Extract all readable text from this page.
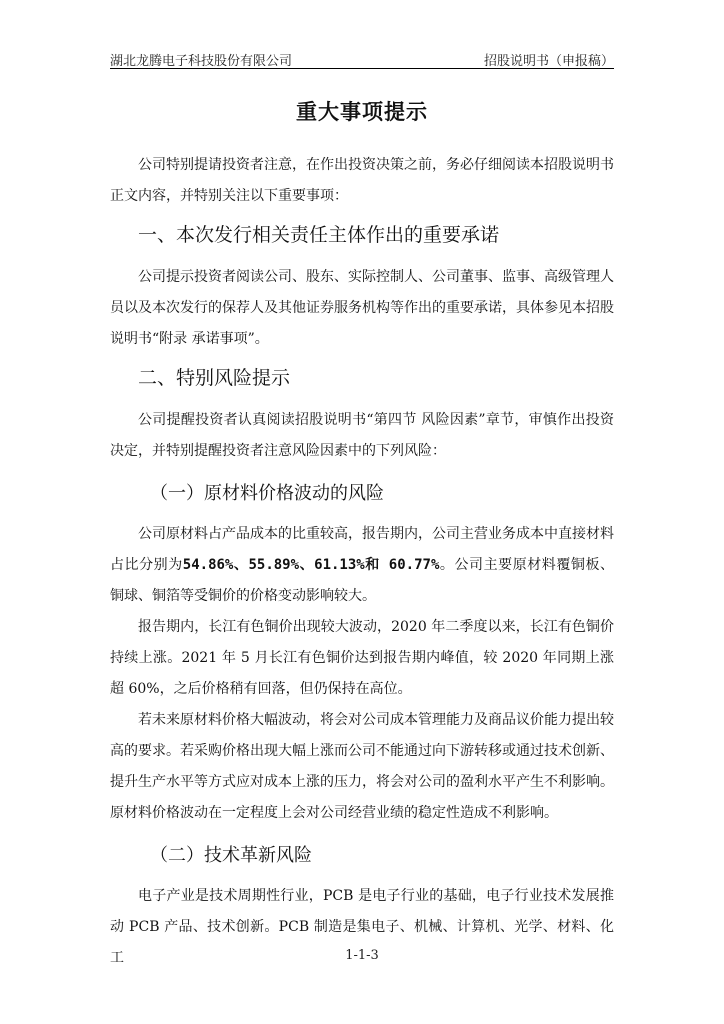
湖北龙腾电子科技股份有限公司	招股说明书（申报稿）
重大事项提示

公司特别提请投资者注意，在作出投资决策之前，务必仔细阅读本招股说明书正文内容，并特别关注以下重要事项：

一、本次发行相关责任主体作出的重要承诺

公司提示投资者阅读公司、股东、实际控制人、公司董事、监事、高级管理人员以及本次发行的保荐人及其他证券服务机构等作出的重要承诺，具体参见本招股说明书“附录 承诺事项”。

二、特别风险提示

公司提醒投资者认真阅读招股说明书“第四节 风险因素”章节，审慎作出投资决定，并特别提醒投资者注意风险因素中的下列风险：

（一）原材料价格波动的风险

公司原材料占产品成本的比重较高，报告期内，公司主营业务成本中直接材料占比分别为54.86%、55.89%、61.13%和 60.77%。公司主要原材料覆铜板、铜球、铜箔等受铜价的价格变动影响较大。

报告期内，长江有色铜价出现较大波动，2020 年二季度以来，长江有色铜价持续上涨。2021 年 5 月长江有色铜价达到报告期内峰值，较 2020 年同期上涨超 60%，之后价格稍有回落，但仍保持在高位。

若未来原材料价格大幅波动，将会对公司成本管理能力及商品议价能力提出较高的要求。若采购价格出现大幅上涨而公司不能通过向下游转移或通过技术创新、提升生产水平等方式应对成本上涨的压力，将会对公司的盈利水平产生不利影响。原材料价格波动在一定程度上会对公司经营业绩的稳定性造成不利影响。

（二）技术革新风险

电子产业是技术周期性行业，PCB 是电子行业的基础，电子行业技术发展推动 PCB 产品、技术创新。PCB 制造是集电子、机械、计算机、光学、材料、化工	1-1-3
